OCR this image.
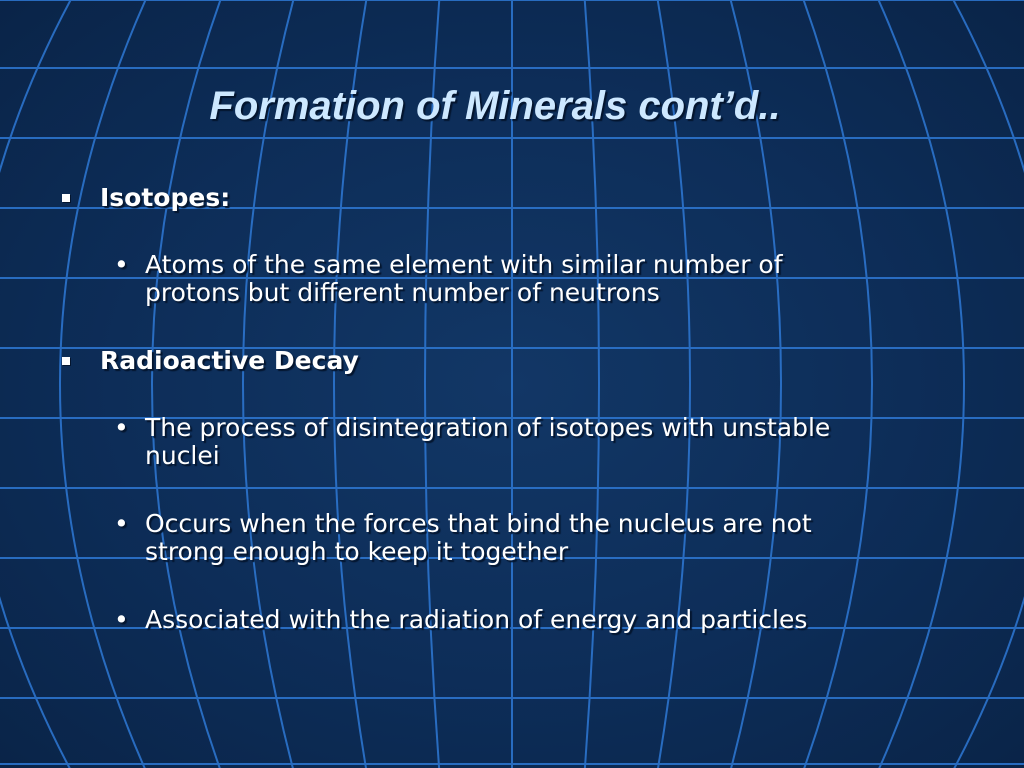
Formation of Minerals cont’d..
Isotopes:
• Atoms of the same element with similar number of
protons but different number of neutrons
Radioactive Decay
• The process of disintegration of isotopes with unstable
nuclei
• Occurs when the forces that bind the nucleus are not
strong enough to keep it together
• Associated with the radiation of energy and particles
